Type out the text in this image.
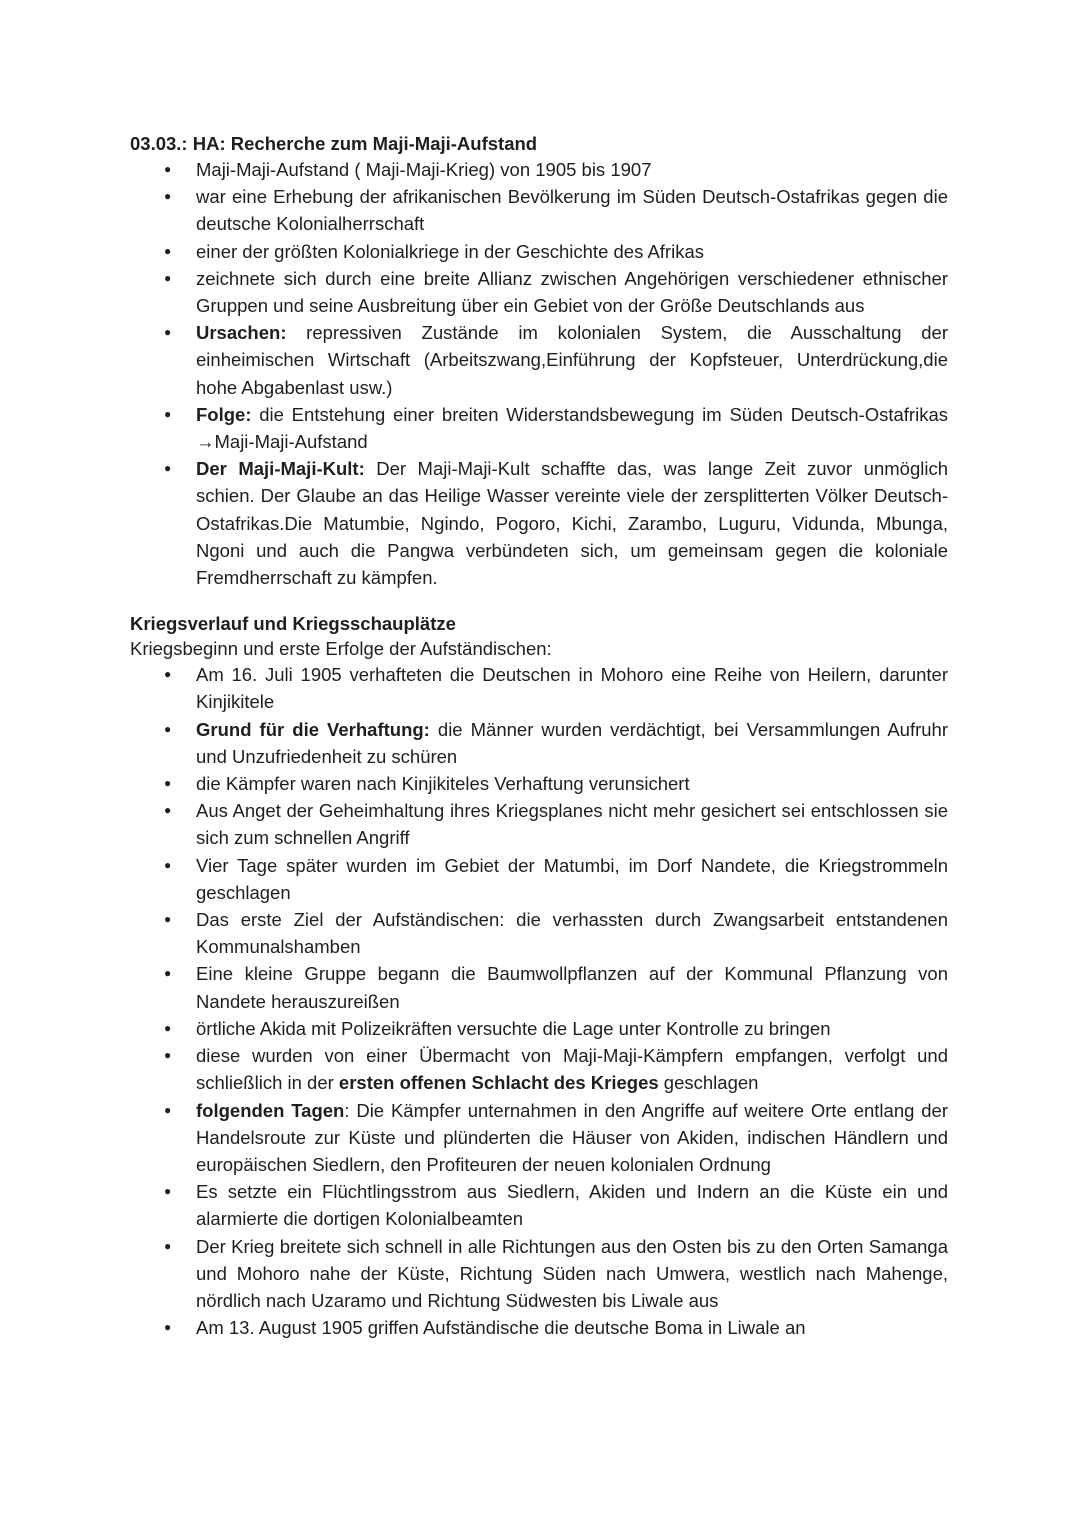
03.03.: HA: Recherche zum Maji-Maji-Aufstand

● Maji-Maji-Aufstand ( Maji-Maji-Krieg) von 1905 bis 1907
● war eine Erhebung der afrikanischen Bevölkerung im Süden Deutsch-Ostafrikas gegen die deutsche Kolonialherrschaft
● einer der größten Kolonialkriege in der Geschichte des Afrikas
● zeichnete sich durch eine breite Allianz zwischen Angehörigen verschiedener ethnischer Gruppen und seine Ausbreitung über ein Gebiet von der Größe Deutschlands aus
● Ursachen: repressiven Zustände im kolonialen System, die Ausschaltung der einheimischen Wirtschaft (Arbeitszwang,Einführung der Kopfsteuer, Unterdrückung,die hohe Abgabenlast usw.)
● Folge: die Entstehung einer breiten Widerstandsbewegung im Süden Deutsch-Ostafrikas →Maji-Maji-Aufstand
● Der Maji-Maji-Kult: Der Maji-Maji-Kult schaffte das, was lange Zeit zuvor unmöglich schien. Der Glaube an das Heilige Wasser vereinte viele der zersplitterten Völker Deutsch-Ostafrikas.Die Matumbie, Ngindo, Pogoro, Kichi, Zarambo, Luguru, Vidunda, Mbunga, Ngoni und auch die Pangwa verbündeten sich, um gemeinsam gegen die koloniale Fremdherrschaft zu kämpfen.

Kriegsverlauf und Kriegsschauplätze

Kriegsbeginn und erste Erfolge der Aufständischen:

● Am 16. Juli 1905 verhafteten die Deutschen in Mohoro eine Reihe von Heilern, darunter Kinjikitele
● Grund für die Verhaftung: die Männer wurden verdächtigt, bei Versammlungen Aufruhr und Unzufriedenheit zu schüren
● die Kämpfer waren nach Kinjikiteles Verhaftung verunsichert
● Aus Anget der Geheimhaltung ihres Kriegsplanes nicht mehr gesichert sei entschlossen sie sich zum schnellen Angriff
● Vier Tage später wurden im Gebiet der Matumbi, im Dorf Nandete, die Kriegstrommeln geschlagen
● Das erste Ziel der Aufständischen: die verhassten durch Zwangsarbeit entstandenen Kommunalshamben
● Eine kleine Gruppe begann die Baumwollpflanzen auf der Kommunal Pflanzung von Nandete herauszureißen
● örtliche Akida mit Polizeikräften versuchte die Lage unter Kontrolle zu bringen
● diese wurden von einer Übermacht von Maji-Maji-Kämpfern empfangen, verfolgt und schließlich in der ersten offenen Schlacht des Krieges geschlagen
● folgenden Tagen: Die Kämpfer unternahmen in den Angriffe auf weitere Orte entlang der Handelsroute zur Küste und plünderten die Häuser von Akiden, indischen Händlern und europäischen Siedlern, den Profiteuren der neuen kolonialen Ordnung
● Es setzte ein Flüchtlingsstrom aus Siedlern, Akiden und Indern an die Küste ein und alarmierte die dortigen Kolonialbeamten
● Der Krieg breitete sich schnell in alle Richtungen aus den Osten bis zu den Orten Samanga und Mohoro nahe der Küste, Richtung Süden nach Umwera, westlich nach Mahenge, nördlich nach Uzaramo und Richtung Südwesten bis Liwale aus
● Am 13. August 1905 griffen Aufständische die deutsche Boma in Liwale an
